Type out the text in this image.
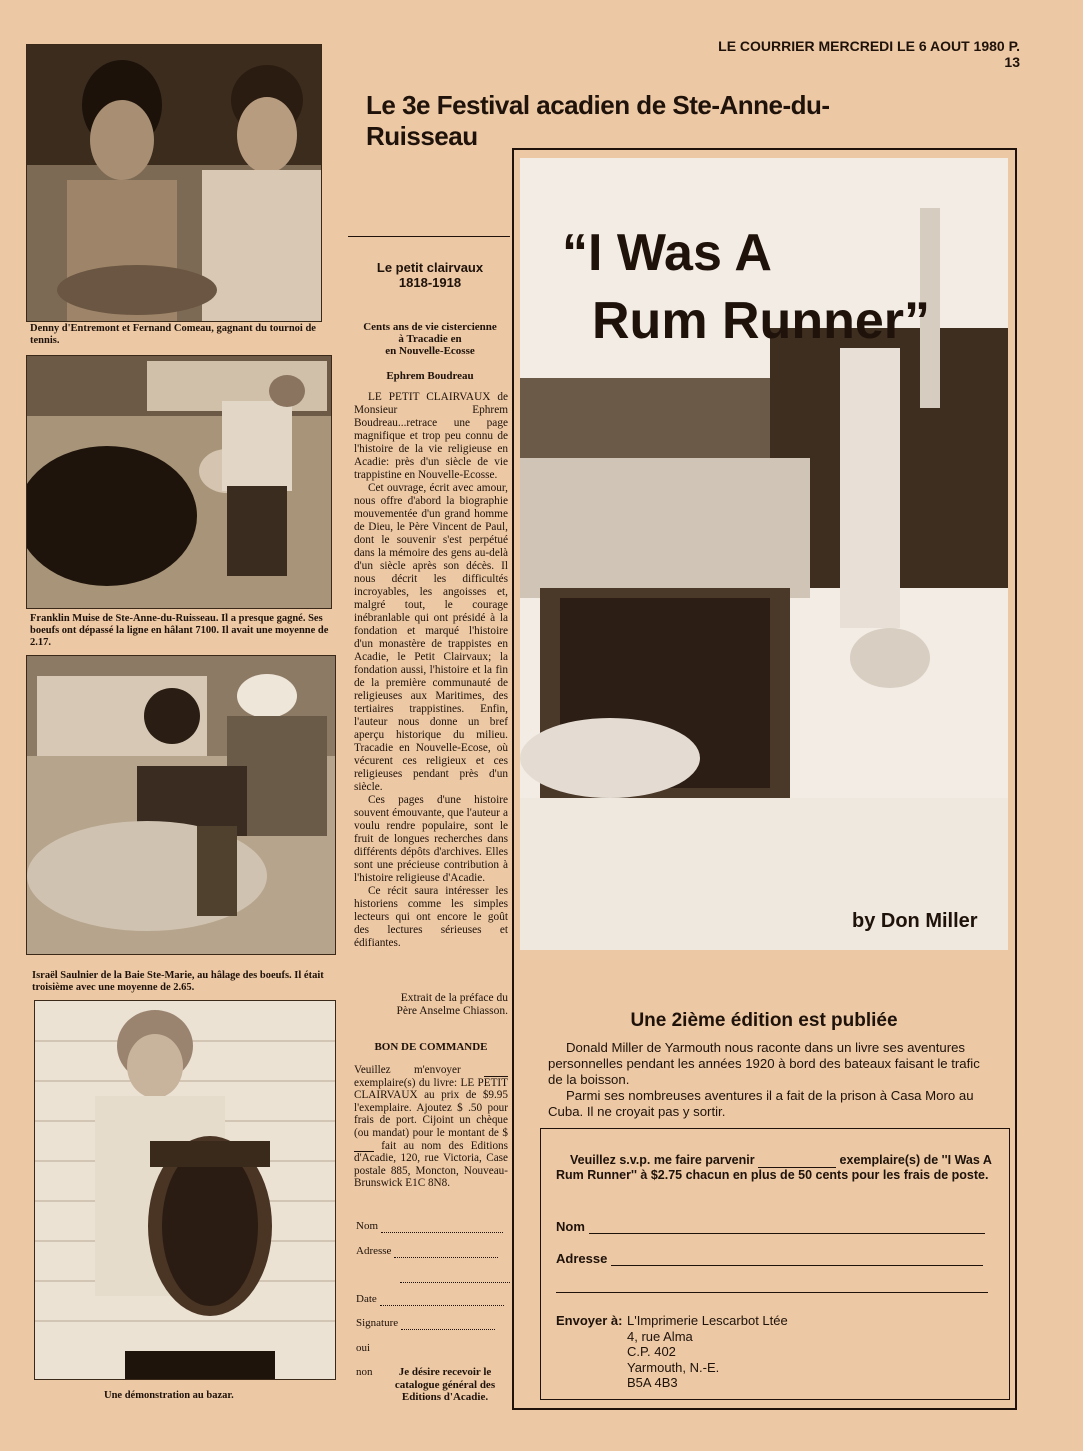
LE COURRIER MERCREDI LE 6 AOUT 1980 P. 13
Le 3e Festival acadien de Ste-Anne-du-Ruisseau
Denny d'Entremont et Fernand Comeau, gagnant du tournoi de tennis.
Franklin Muise de Ste-Anne-du-Ruisseau. Il a presque gagné. Ses boeufs ont dépassé la ligne en hâlant 7100. Il avait une moyenne de 2.17.
Israël Saulnier de la Baie Ste-Marie, au hâlage des boeufs. Il était troisième avec une moyenne de 2.65.
Une démonstration au bazar.
Le petit clairvaux
1818-1918
Cents ans de vie cistercienne
à Tracadie en
en Nouvelle-Ecosse
Ephrem Boudreau

LE PETIT CLAIRVAUX de Monsieur Ephrem Boudreau...retrace une page magnifique et trop peu connu de l'histoire de la vie religieuse en Acadie: près d'un siècle de vie trappistine en Nouvelle-Ecosse.

Cet ouvrage, écrit avec amour, nous offre d'abord la biographie mouvementée d'un grand homme de Dieu, le Père Vincent de Paul, dont le souvenir s'est perpétué dans la mémoire des gens au-delà d'un siècle après son décès. Il nous décrit les difficultés incroyables, les angoisses et, malgré tout, le courage inébranlable qui ont présidé à la fondation et marqué l'histoire d'un monastère de trappistes en Acadie, le Petit Clairvaux; la fondation aussi, l'histoire et la fin de la première communauté de religieuses aux Maritimes, des tertiaires trappistines. Enfin, l'auteur nous donne un bref aperçu historique du milieu. Tracadie en Nouvelle-Ecose, où vécurent ces religieux et ces religieuses pendant près d'un siècle.

Ces pages d'une histoire souvent émouvante, que l'auteur a voulu rendre populaire, sont le fruit de longues recherches dans différents dépôts d'archives. Elles sont une précieuse contribution à l'histoire religieuse d'Acadie.

Ce récit saura intéresser les historiens comme les simples lecteurs qui ont encore le goût des lectures sérieuses et édifiantes.

Extrait de la préface du
Père Anselme Chiasson.
BON DE COMMANDE
Veuillez m'envoyer  exemplaire(s) du livre: LE PETIT CLAIRVAUX au prix de $9.95 l'exemplaire. Ajoutez $ .50 pour frais de port. Cijoint un chèque (ou mandat) pour le montant de $ fait au nom des Editions d'Acadie, 120, rue Victoria, Case postale 885, Moncton, Nouveau-Brunswick E1C 8N8.
Nom
Adresse
Date
Signature
oui
non	Je désire recevoir le catalogue général des Editions d'Acadie.
“I Was A
Rum Runner”
by Don Miller
Une 2ième édition est publiée
Donald Miller de Yarmouth nous raconte dans un livre ses aventures personnelles pendant les années 1920 à bord des bateaux faisant le trafic de la boisson.
Parmi ses nombreuses aventures il a fait de la prison à Casa Moro au Cuba. Il ne croyait pas y sortir.
Veuillez s.v.p. me faire parvenir	exemplaire(s) de ''I Was A Rum Runner'' à $2.75 chacun en plus de 50 cents pour les frais de poste.
Nom
Adresse
Envoyer à: L'Imprimerie Lescarbot Ltée
4, rue Alma
C.P. 402
Yarmouth, N.-E.
B5A 4B3
